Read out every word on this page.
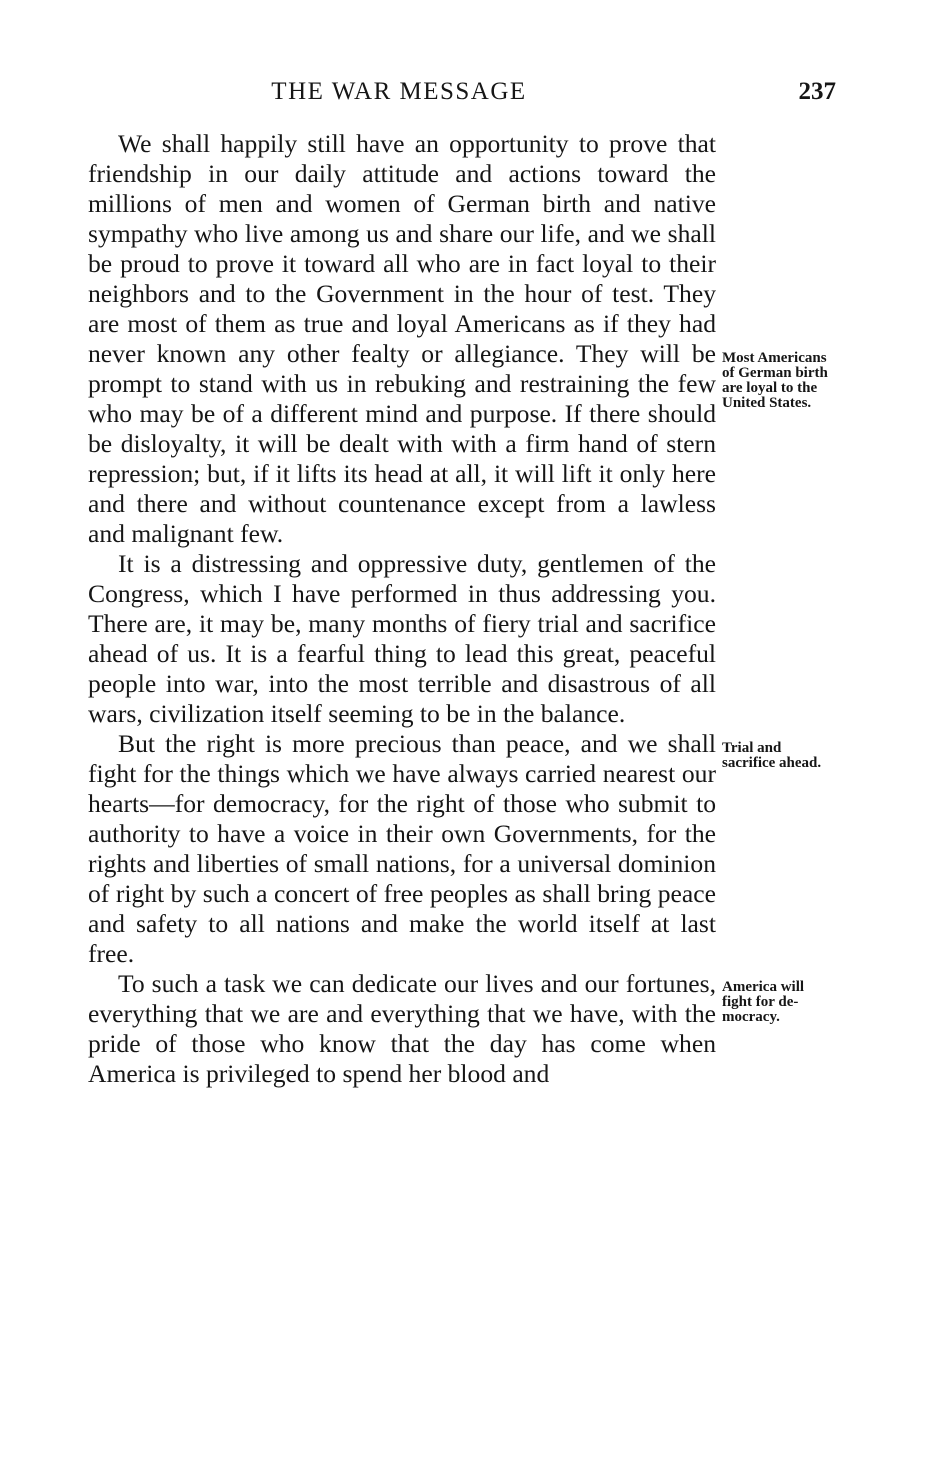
THE WAR MESSAGE	237

We shall happily still have an opportunity to prove that friendship in our daily attitude and actions toward the millions of men and women of German birth and native sympathy who live among us and share our life, and we shall be proud to prove it toward all who are in fact loyal to their neighbors and to the Government in the hour of test. They are most of them as true and loyal Americans as if they had never known any other fealty or allegiance. They will be prompt to stand with us in rebuking and restraining the few who may be of a different mind and purpose. If there should be disloyalty, it will be dealt with with a firm hand of stern repression; but, if it lifts its head at all, it will lift it only here and there and without countenance except from a lawless and malignant few.

It is a distressing and oppressive duty, gentlemen of the Congress, which I have performed in thus addressing you. There are, it may be, many months of fiery trial and sacrifice ahead of us. It is a fearful thing to lead this great, peaceful people into war, into the most terrible and disastrous of all wars, civilization itself seeming to be in the balance.

But the right is more precious than peace, and we shall fight for the things which we have always carried nearest our hearts—for democracy, for the right of those who submit to authority to have a voice in their own Governments, for the rights and liberties of small nations, for a universal dominion of right by such a concert of free peoples as shall bring peace and safety to all nations and make the world itself at last free.

To such a task we can dedicate our lives and our fortunes, everything that we are and everything that we have, with the pride of those who know that the day has come when America is privileged to spend her blood and

Most Americans of German birth are loyal to the United States.
Trial and sacrifice ahead.
America will fight for democracy.
